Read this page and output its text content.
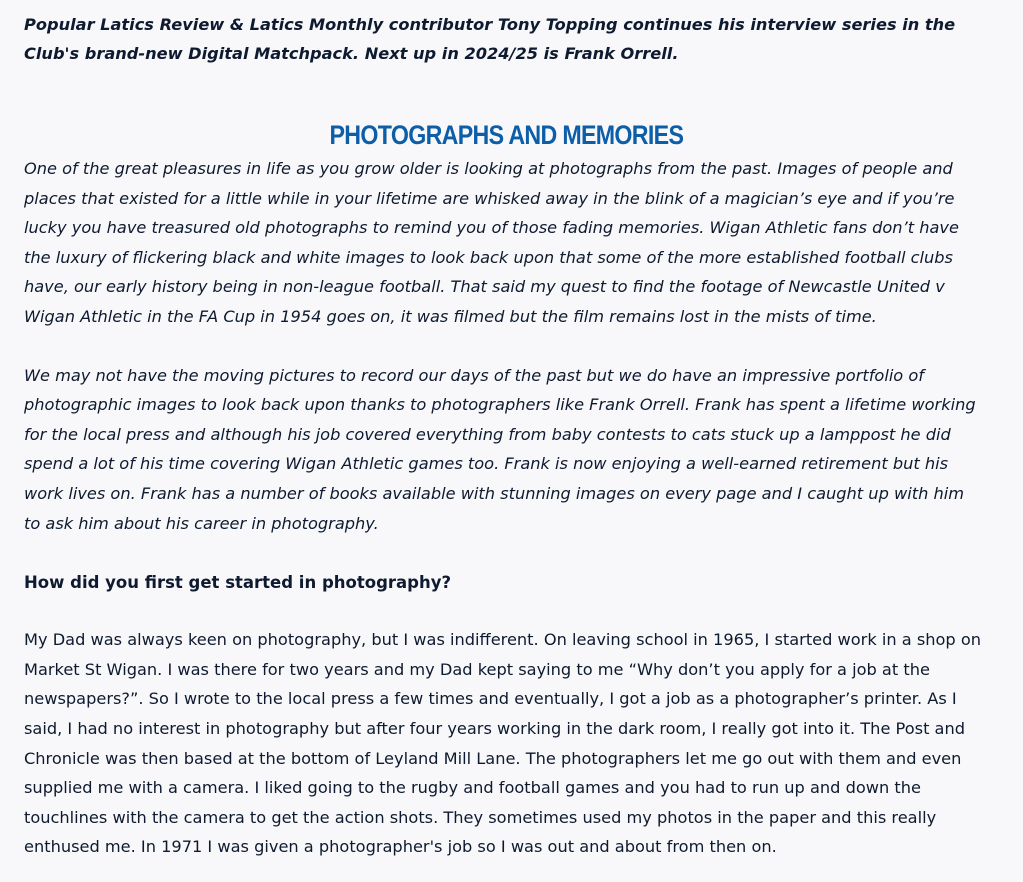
Popular Latics Review & Latics Monthly contributor Tony Topping continues his interview series in the Club's brand-new Digital Matchpack. Next up in 2024/25 is Frank Orrell.

PHOTOGRAPHS AND MEMORIES

One of the great pleasures in life as you grow older is looking at photographs from the past. Images of people and places that existed for a little while in your lifetime are whisked away in the blink of a magician’s eye and if you’re lucky you have treasured old photographs to remind you of those fading memories. Wigan Athletic fans don’t have the luxury of flickering black and white images to look back upon that some of the more established football clubs have, our early history being in non-league football. That said my quest to find the footage of Newcastle United v Wigan Athletic in the FA Cup in 1954 goes on, it was filmed but the film remains lost in the mists of time.

We may not have the moving pictures to record our days of the past but we do have an impressive portfolio of photographic images to look back upon thanks to photographers like Frank Orrell. Frank has spent a lifetime working for the local press and although his job covered everything from baby contests to cats stuck up a lamppost he did spend a lot of his time covering Wigan Athletic games too. Frank is now enjoying a well-earned retirement but his work lives on. Frank has a number of books available with stunning images on every page and I caught up with him to ask him about his career in photography.

How did you first get started in photography?

My Dad was always keen on photography, but I was indifferent. On leaving school in 1965, I started work in a shop on Market St Wigan. I was there for two years and my Dad kept saying to me “Why don’t you apply for a job at the newspapers?”. So I wrote to the local press a few times and eventually, I got a job as a photographer’s printer. As I said, I had no interest in photography but after four years working in the dark room, I really got into it. The Post and Chronicle was then based at the bottom of Leyland Mill Lane. The photographers let me go out with them and even supplied me with a camera. I liked going to the rugby and football games and you had to run up and down the touchlines with the camera to get the action shots. They sometimes used my photos in the paper and this really enthused me. In 1971 I was given a photographer's job so I was out and about from then on.
